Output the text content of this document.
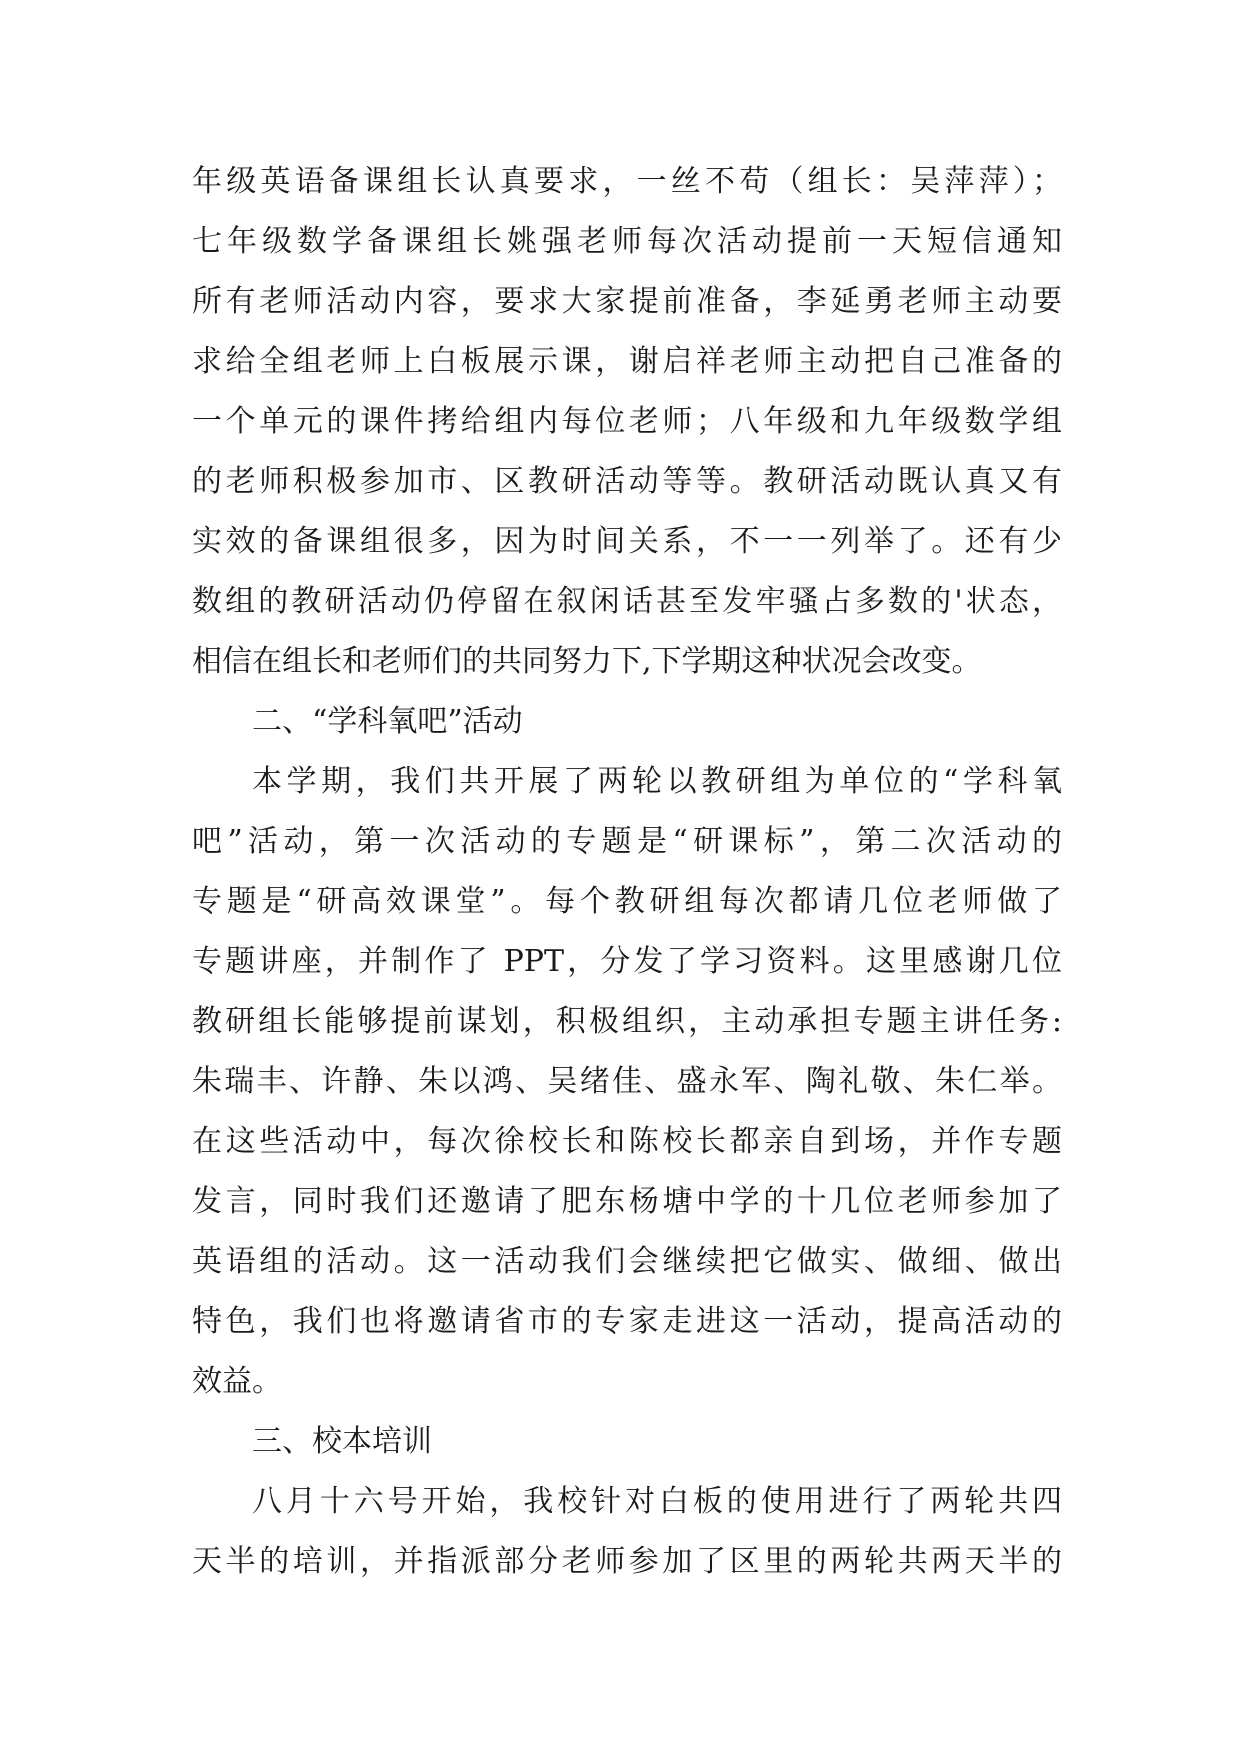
年级英语备课组长认真要求，一丝不苟（组长：吴萍萍）；
七年级数学备课组长姚强老师每次活动提前一天短信通知
所有老师活动内容，要求大家提前准备，李延勇老师主动要
求给全组老师上白板展示课，谢启祥老师主动把自己准备的
一个单元的课件拷给组内每位老师；八年级和九年级数学组
的老师积极参加市、区教研活动等等。教研活动既认真又有
实效的备课组很多，因为时间关系，不一一列举了。还有少
数组的教研活动仍停留在叙闲话甚至发牢骚占多数的'状态，
相信在组长和老师们的共同努力下,下学期这种状况会改变。
二、“学科氧吧”活动
本学期，我们共开展了两轮以教研组为单位的“学科氧
吧”活动，第一次活动的专题是“研课标”，第二次活动的
专题是“研高效课堂”。每个教研组每次都请几位老师做了
专题讲座，并制作了 PPT，分发了学习资料。这里感谢几位
教研组长能够提前谋划，积极组织，主动承担专题主讲任务:
朱瑞丰、许静、朱以鸿、吴绪佳、盛永军、陶礼敬、朱仁举。
在这些活动中，每次徐校长和陈校长都亲自到场，并作专题
发言，同时我们还邀请了肥东杨塘中学的十几位老师参加了
英语组的活动。这一活动我们会继续把它做实、做细、做出
特色，我们也将邀请省市的专家走进这一活动，提高活动的
效益。
三、校本培训
八月十六号开始，我校针对白板的使用进行了两轮共四
天半的培训，并指派部分老师参加了区里的两轮共两天半的
